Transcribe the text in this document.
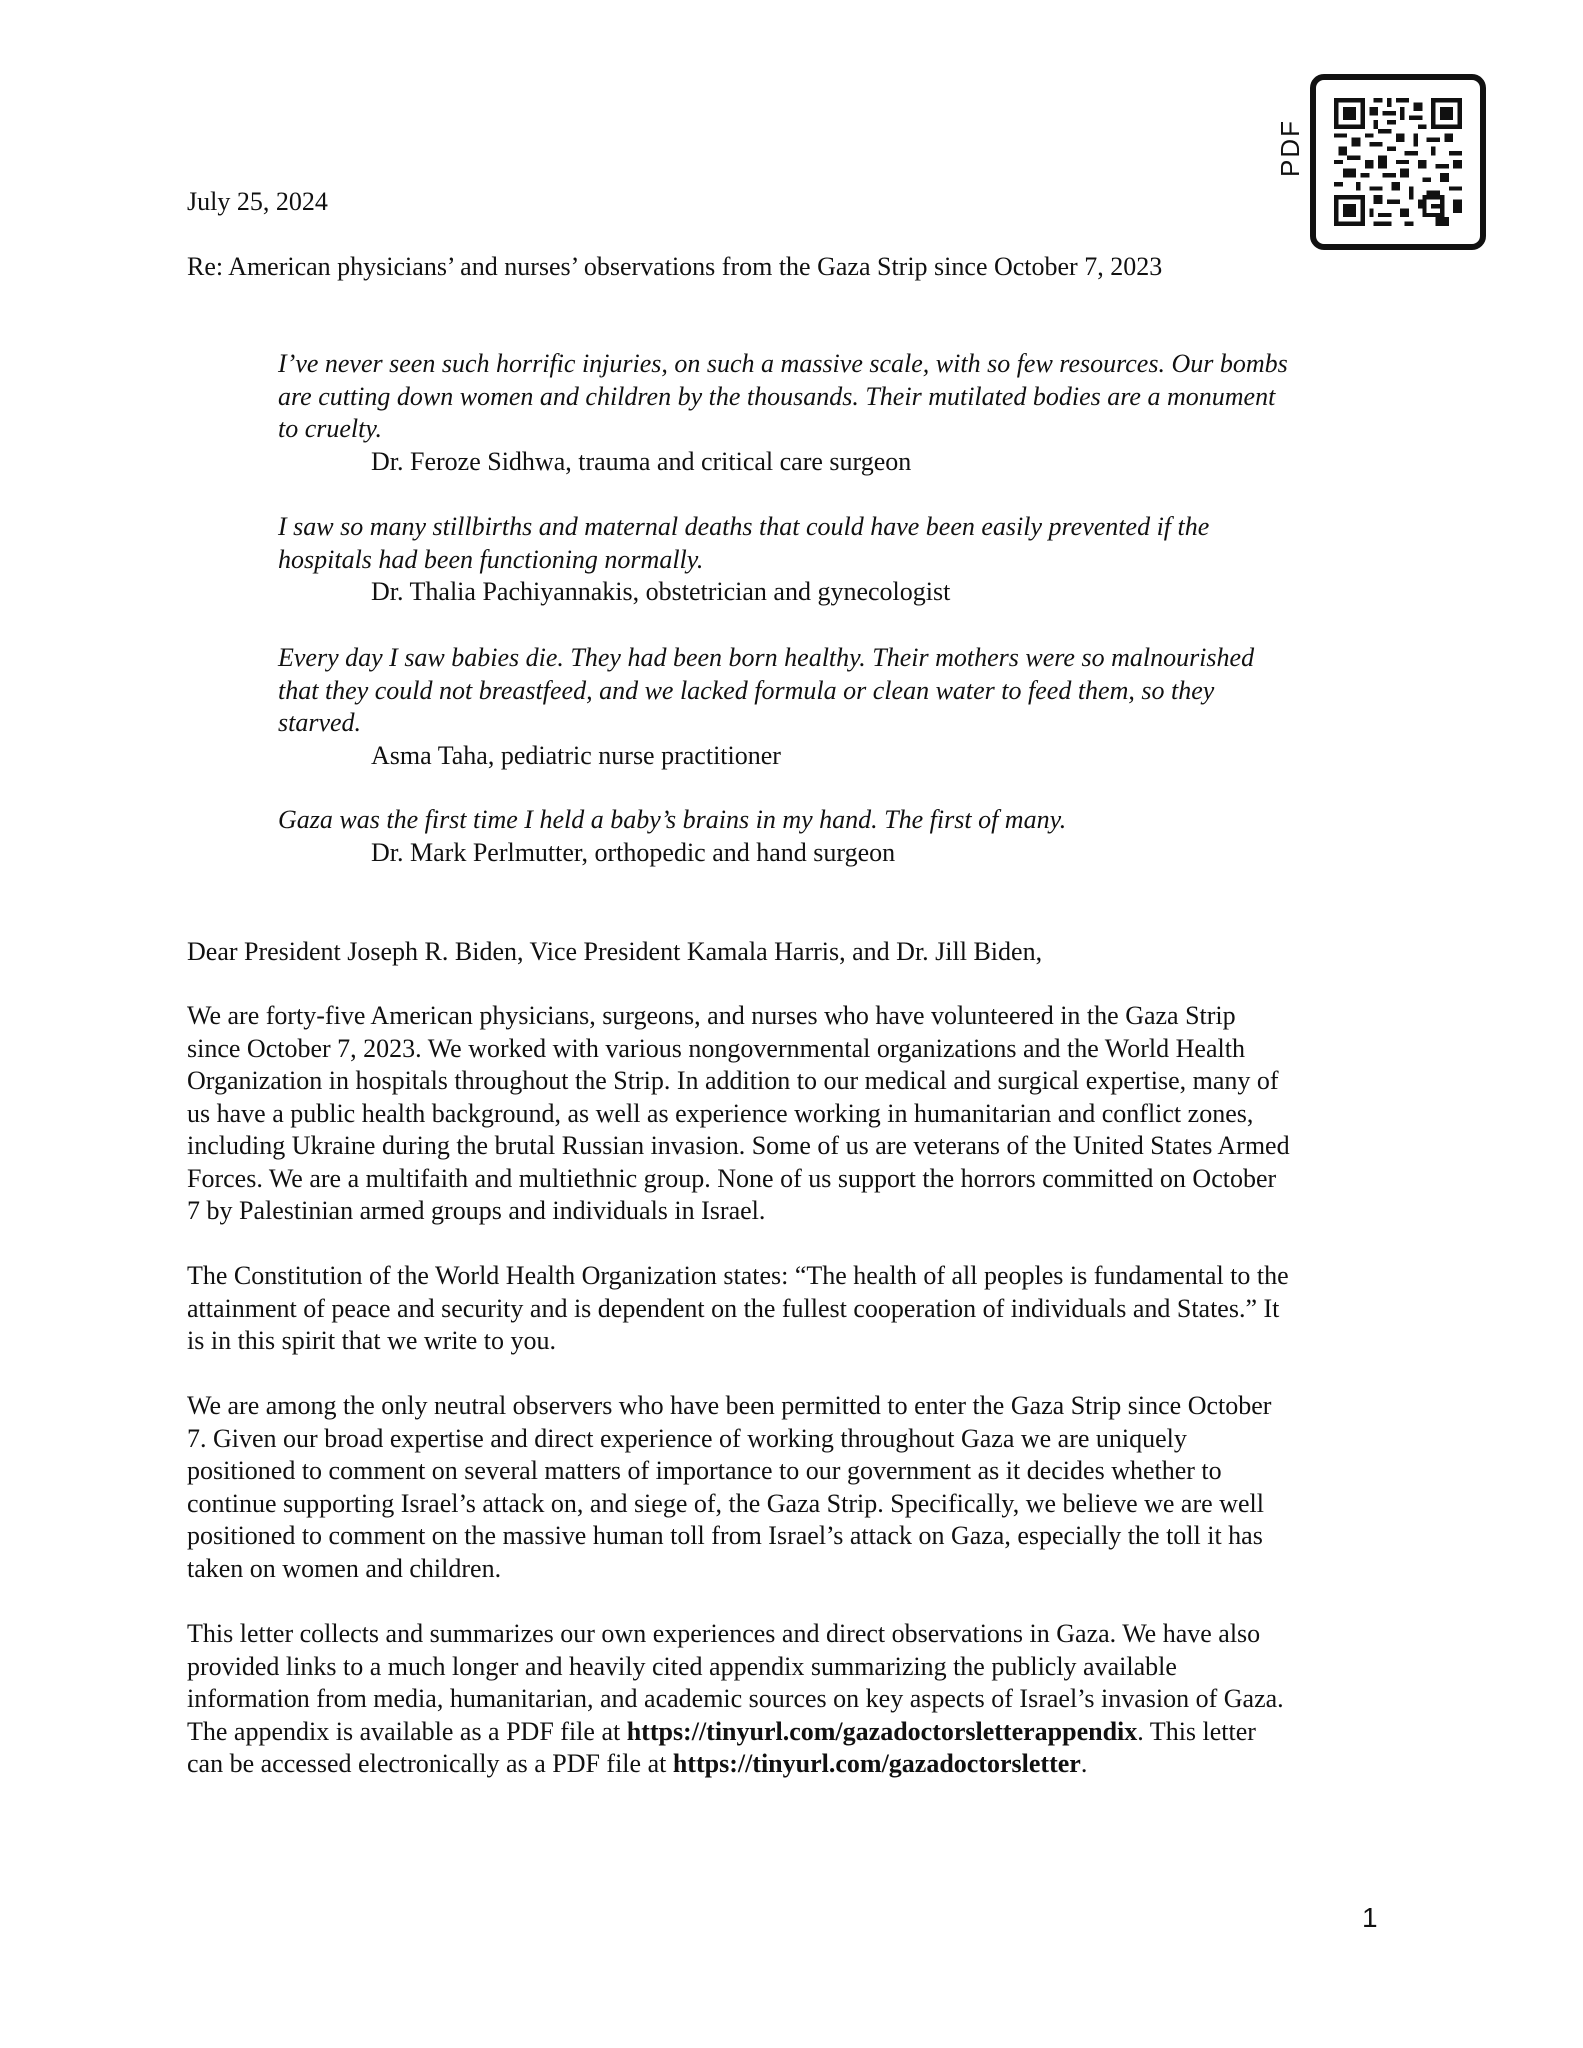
PDF
July 25, 2024
Re: American physicians’ and nurses’ observations from the Gaza Strip since October 7, 2023
I’ve never seen such horrific injuries, on such a massive scale, with so few resources. Our bombs
are cutting down women and children by the thousands. Their mutilated bodies are a monument
to cruelty.
Dr. Feroze Sidhwa, trauma and critical care surgeon
I saw so many stillbirths and maternal deaths that could have been easily prevented if the
hospitals had been functioning normally.
Dr. Thalia Pachiyannakis, obstetrician and gynecologist
Every day I saw babies die. They had been born healthy. Their mothers were so malnourished
that they could not breastfeed, and we lacked formula or clean water to feed them, so they
starved.
Asma Taha, pediatric nurse practitioner
Gaza was the first time I held a baby’s brains in my hand. The first of many.
Dr. Mark Perlmutter, orthopedic and hand surgeon
Dear President Joseph R. Biden, Vice President Kamala Harris, and Dr. Jill Biden,
We are forty-five American physicians, surgeons, and nurses who have volunteered in the Gaza Strip
since October 7, 2023. We worked with various nongovernmental organizations and the World Health
Organization in hospitals throughout the Strip. In addition to our medical and surgical expertise, many of
us have a public health background, as well as experience working in humanitarian and conflict zones,
including Ukraine during the brutal Russian invasion. Some of us are veterans of the United States Armed
Forces. We are a multifaith and multiethnic group. None of us support the horrors committed on October
7 by Palestinian armed groups and individuals in Israel.
The Constitution of the World Health Organization states: “The health of all peoples is fundamental to the
attainment of peace and security and is dependent on the fullest cooperation of individuals and States.” It
is in this spirit that we write to you.
We are among the only neutral observers who have been permitted to enter the Gaza Strip since October
7. Given our broad expertise and direct experience of working throughout Gaza we are uniquely
positioned to comment on several matters of importance to our government as it decides whether to
continue supporting Israel’s attack on, and siege of, the Gaza Strip. Specifically, we believe we are well
positioned to comment on the massive human toll from Israel’s attack on Gaza, especially the toll it has
taken on women and children.
This letter collects and summarizes our own experiences and direct observations in Gaza. We have also
provided links to a much longer and heavily cited appendix summarizing the publicly available
information from media, humanitarian, and academic sources on key aspects of Israel’s invasion of Gaza.
The appendix is available as a PDF file at https://tinyurl.com/gazadoctorsletterappendix. This letter
can be accessed electronically as a PDF file at https://tinyurl.com/gazadoctorsletter.
1
